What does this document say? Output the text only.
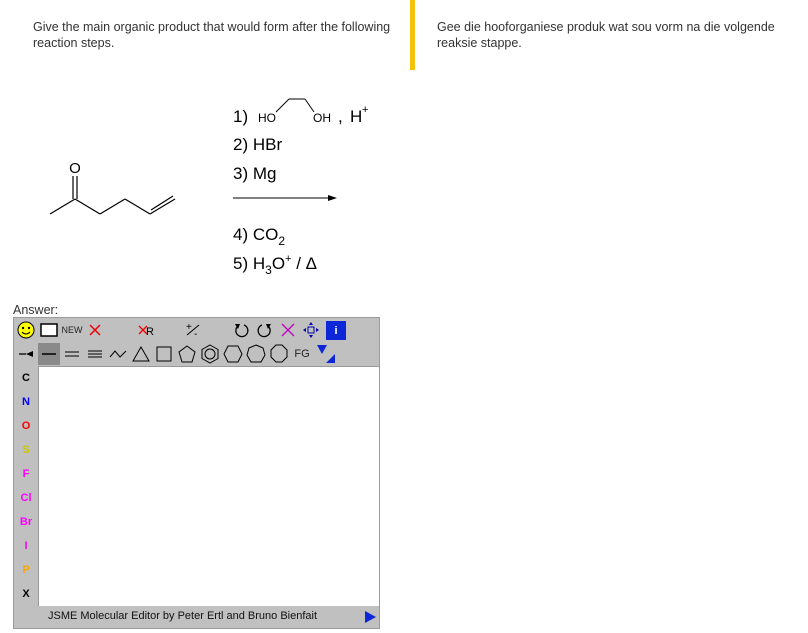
Give the main organic product that would form after the following reaction steps.
Gee die hooforganiese produk wat sou vorm na die volgende reaksie stappe.
O
1) HO	OH , H +
2) HBr
3) Mg
4) $CO_2$
5) $H_3O^+$ / Δ
Answer:
NEW	R	+
-	i
FG
C
N
O
S
F
Cl
Br
I
P
X
JSME Molecular Editor by Peter Ertl and Bruno Bienfait
